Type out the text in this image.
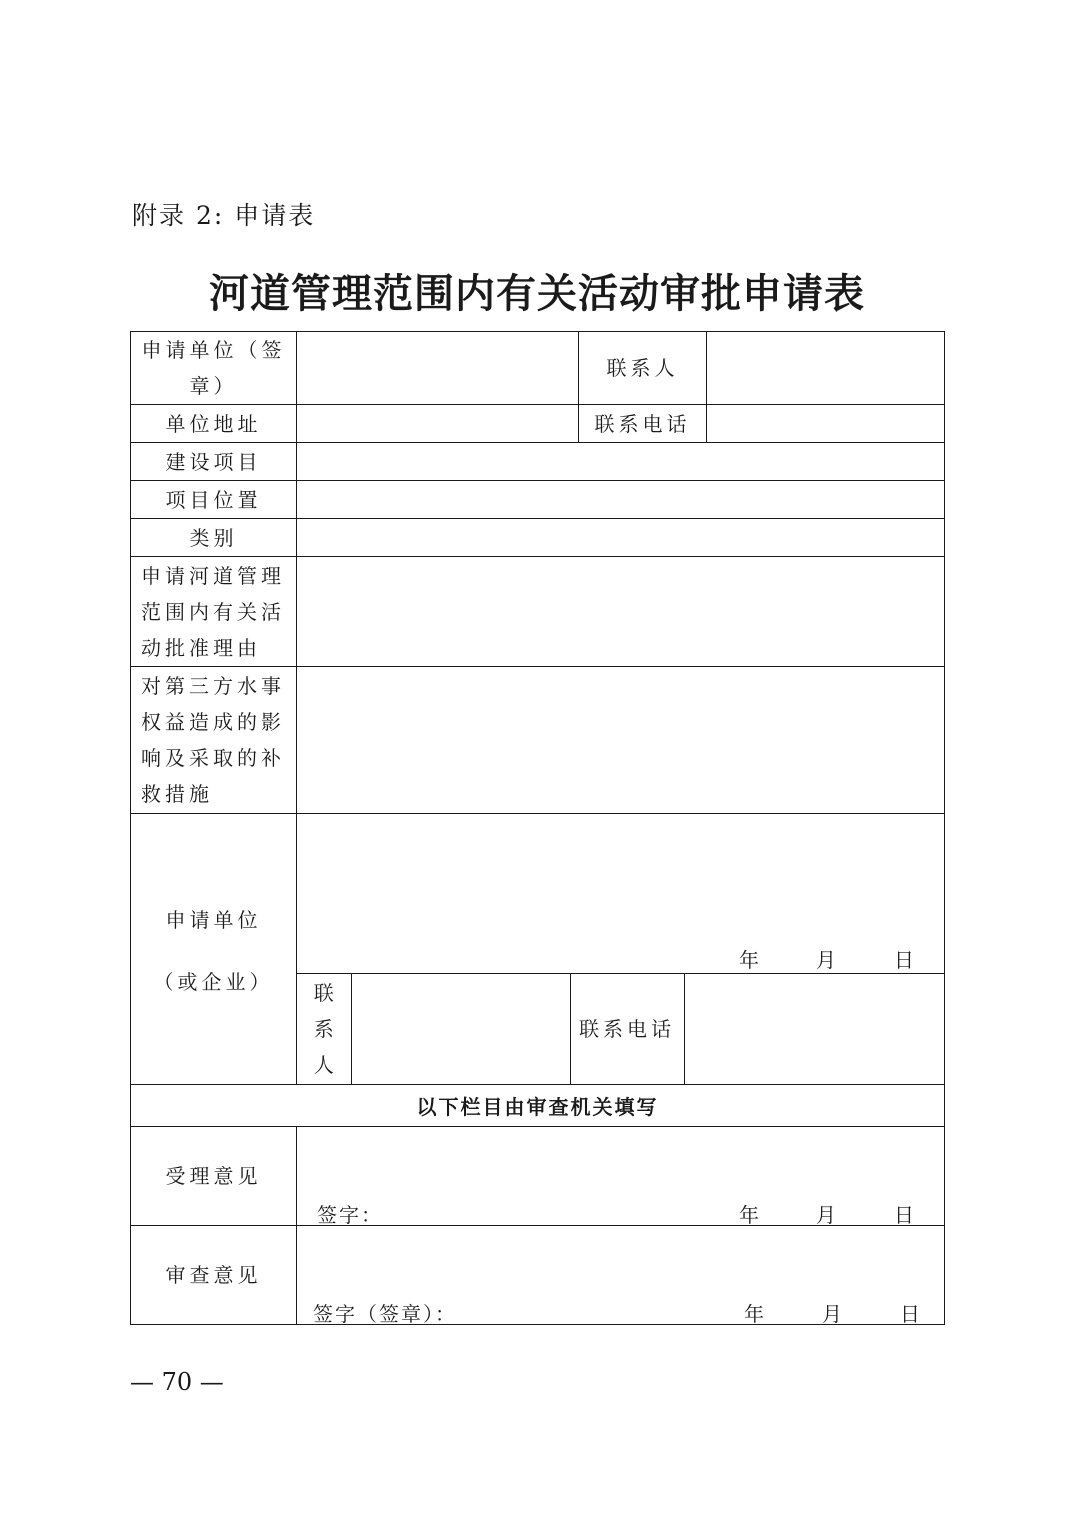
附录 2: 申请表
河道管理范围内有关活动审批申请表
申请单位（签
章）
		联系人	
单位地址		联系电话	
建设项目	
项目位置	
类别	

申请河道管理
范围内有关活
动批准理由

对第三方水事
权益造成的影
响及采取的补
救措施

申请单位
（或企业）

年	月	日
联
系
人
		联系电话	

以下栏目由审查机关填写
受理意见	
签字：	年	月	日

审查意见	
签字（签章）：	年	月	日
— 70 —
